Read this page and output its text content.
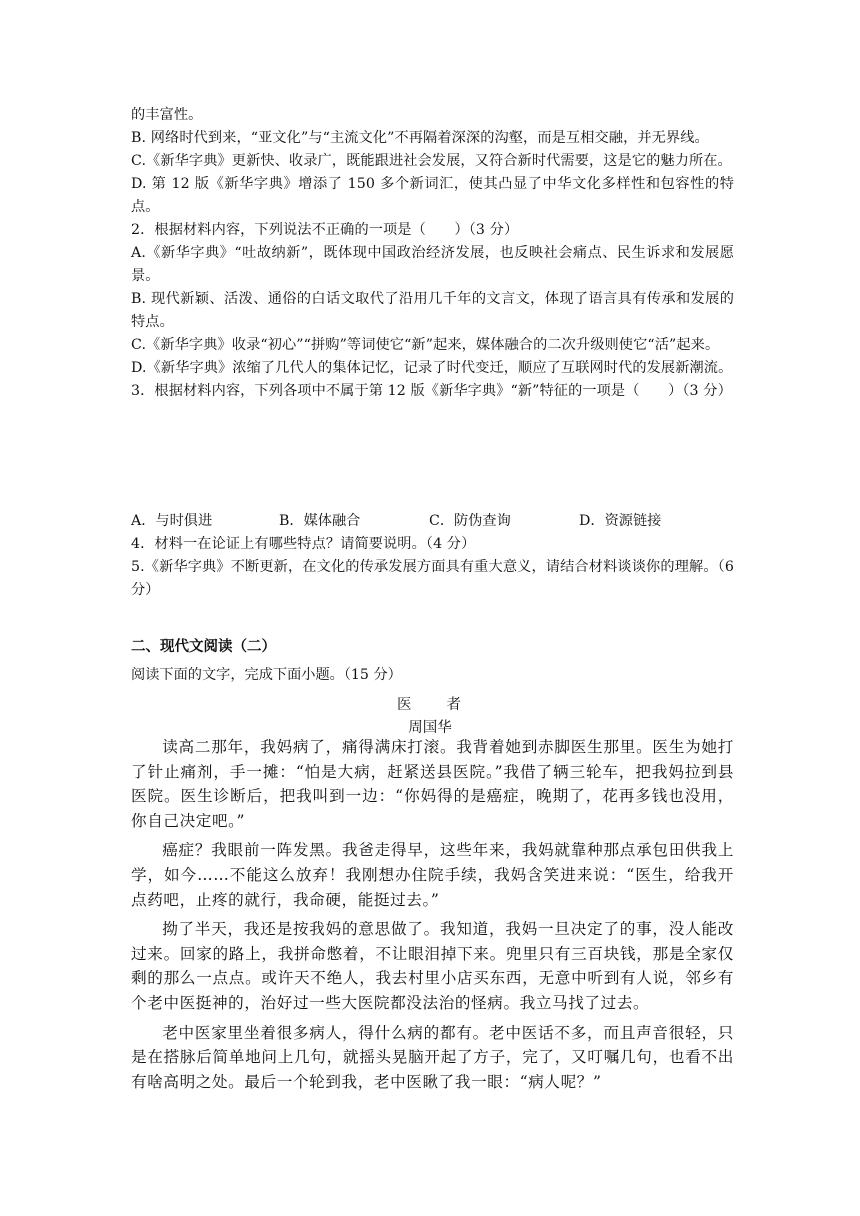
的丰富性。

B. 网络时代到来，“亚文化”与“主流文化”不再隔着深深的沟壑，而是互相交融，并无界线。

C.《新华字典》更新快、收录广，既能跟进社会发展，又符合新时代需要，这是它的魅力所在。

D. 第 12 版《新华字典》增添了 150 多个新词汇，使其凸显了中华文化多样性和包容性的特点。

2．根据材料内容，下列说法不正确的一项是（　　）（3 分）

A.《新华字典》“吐故纳新”，既体现中国政治经济发展，也反映社会痛点、民生诉求和发展愿景。

B. 现代新颖、活泼、通俗的白话文取代了沿用几千年的文言文，体现了语言具有传承和发展的特点。

C.《新华字典》收录“初心”“拼购”等词使它“新”起来，媒体融合的二次升级则使它“活”起来。

D.《新华字典》浓缩了几代人的集体记忆，记录了时代变迁，顺应了互联网时代的发展新潮流。

3．根据材料内容，下列各项中不属于第 12 版《新华字典》“新”特征的一项是（　　）（3 分）

A．与时俱进	B．媒体融合	C．防伪查询	D．资源链接

4．材料一在论证上有哪些特点？请简要说明。（4 分）

5.《新华字典》不断更新，在文化的传承发展方面具有重大意义，请结合材料谈谈你的理解。（6 分）

二、现代文阅读（二）
阅读下面的文字，完成下面小题。（15 分）
医　　者
周国华

读高二那年，我妈病了，痛得满床打滚。我背着她到赤脚医生那里。医生为她打了针止痛剂，手一摊：“怕是大病，赶紧送县医院。”我借了辆三轮车，把我妈拉到县医院。医生诊断后，把我叫到一边：“你妈得的是癌症，晚期了，花再多钱也没用，你自己决定吧。”

癌症？我眼前一阵发黑。我爸走得早，这些年来，我妈就靠种那点承包田供我上学，如今……不能这么放弃！我刚想办住院手续，我妈含笑进来说：“医生，给我开点药吧，止疼的就行，我命硬，能挺过去。”

拗了半天，我还是按我妈的意思做了。我知道，我妈一旦决定了的事，没人能改过来。回家的路上，我拼命憋着，不让眼泪掉下来。兜里只有三百块钱，那是全家仅剩的那么一点点。或许天不绝人，我去村里小店买东西，无意中听到有人说，邻乡有个老中医挺神的，治好过一些大医院都没法治的怪病。我立马找了过去。

老中医家里坐着很多病人，得什么病的都有。老中医话不多，而且声音很轻，只是在搭脉后简单地问上几句，就摇头晃脑开起了方子，完了，又叮嘱几句，也看不出有啥高明之处。最后一个轮到我，老中医瞅了我一眼：“病人呢？”
